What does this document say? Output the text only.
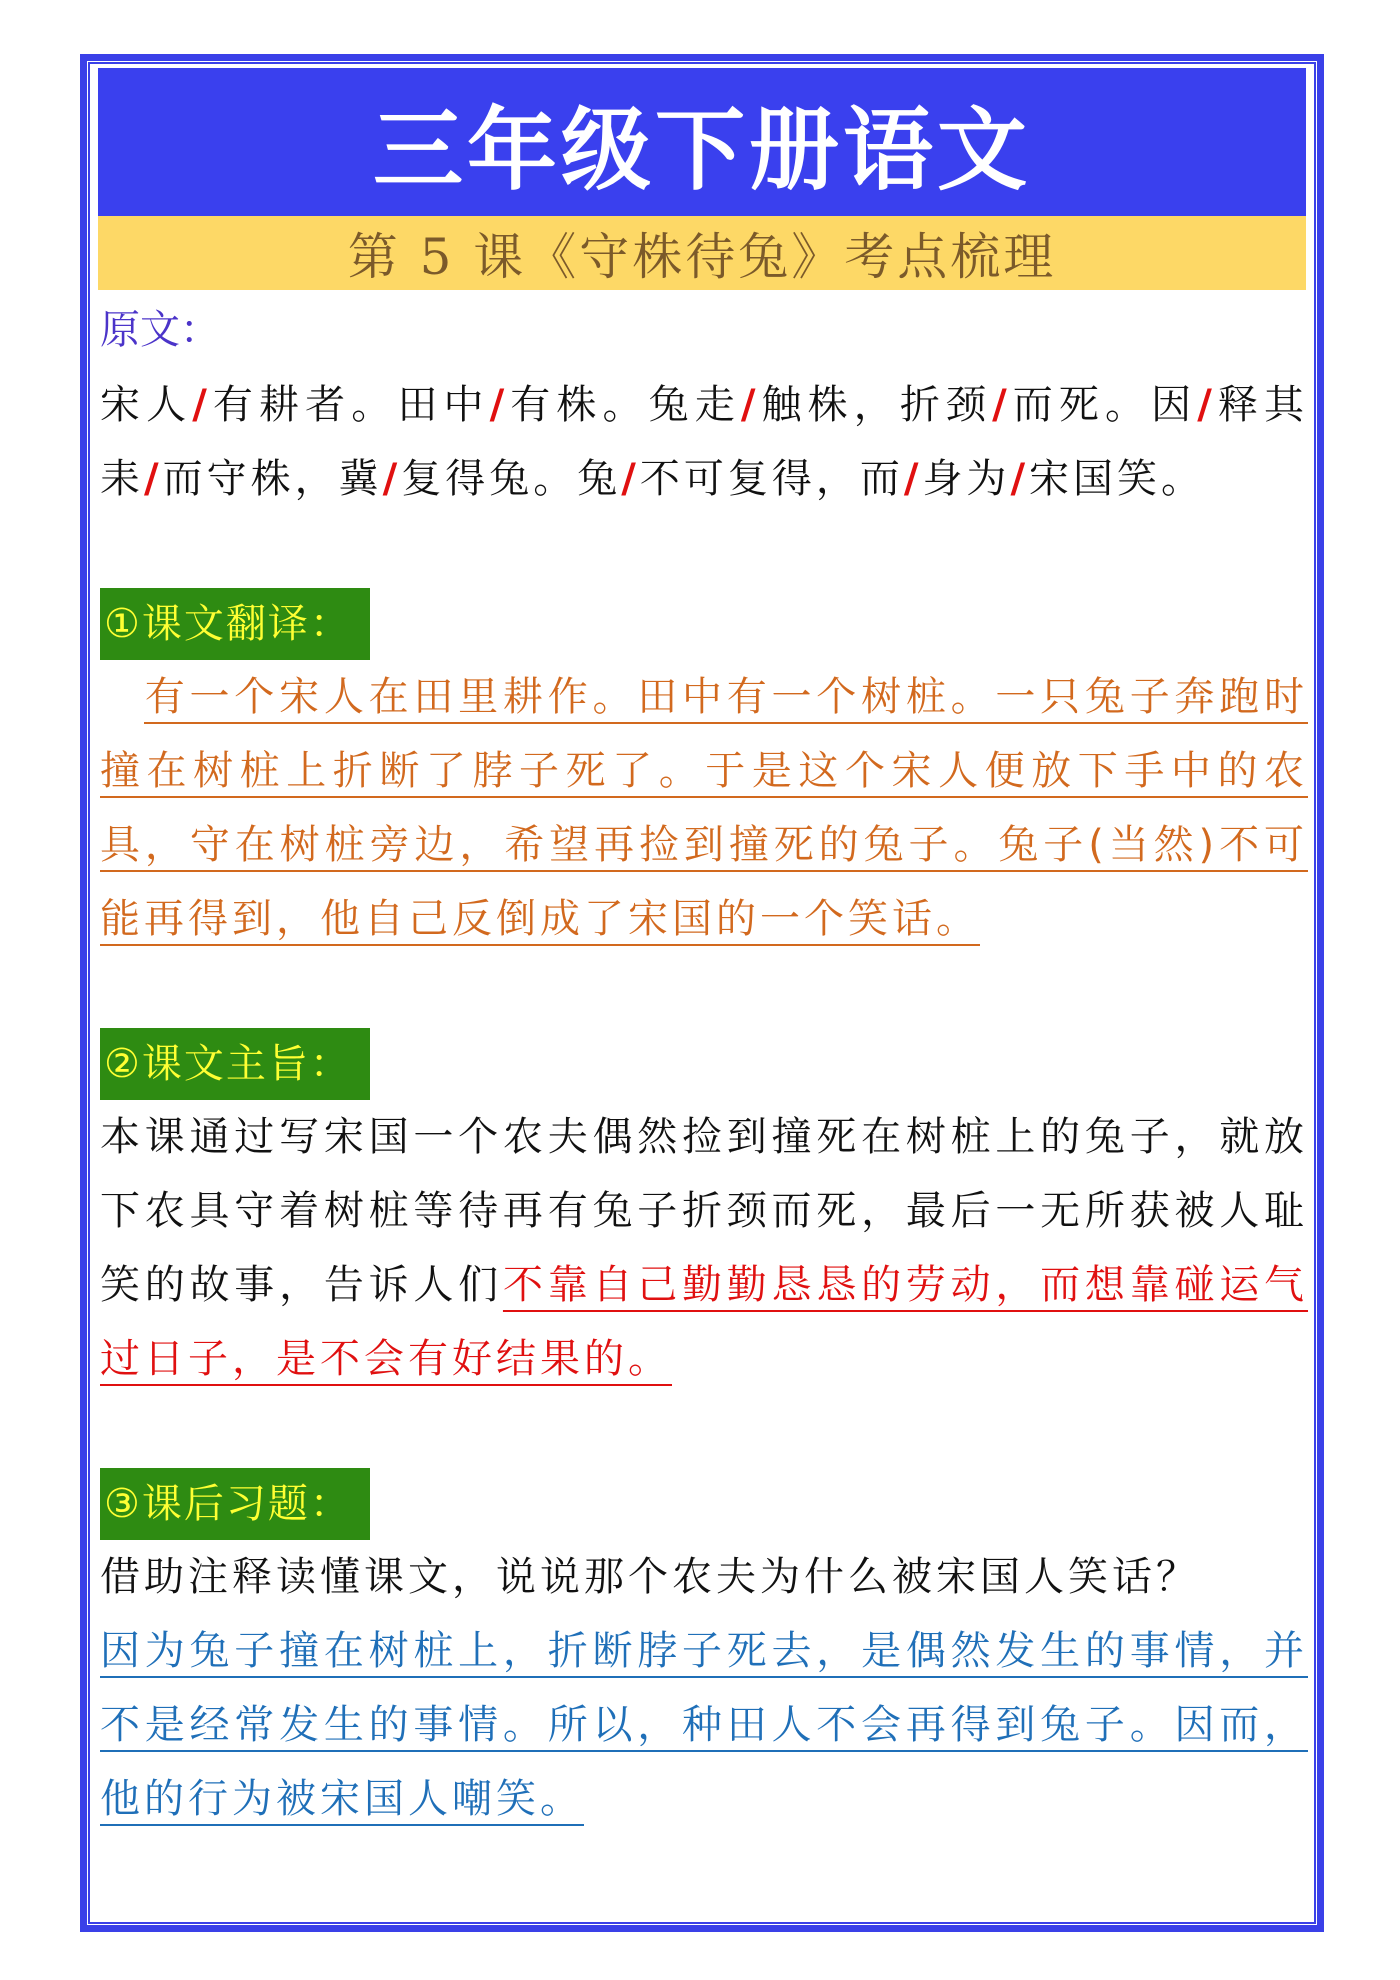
三年级下册语文
第 5 课《守株待兔》考点梳理
原文：
宋人/有耕者。田中/有株。兔走/触株，折颈/而死。因/释其耒/而守株，冀/复得兔。兔/不可复得，而/身为/宋国笑。
①课文翻译：
有一个宋人在田里耕作。田中有一个树桩。一只兔子奔跑时撞在树桩上折断了脖子死了。于是这个宋人便放下手中的农具，守在树桩旁边，希望再捡到撞死的兔子。兔子(当然)不可能再得到，他自己反倒成了宋国的一个笑话。
②课文主旨：
本课通过写宋国一个农夫偶然捡到撞死在树桩上的兔子，就放下农具守着树桩等待再有兔子折颈而死，最后一无所获被人耻笑的故事，告诉人们不靠自己勤勤恳恳的劳动，而想靠碰运气过日子，是不会有好结果的。
③课后习题：
借助注释读懂课文，说说那个农夫为什么被宋国人笑话？
因为兔子撞在树桩上，折断脖子死去，是偶然发生的事情，并不是经常发生的事情。所以，种田人不会再得到兔子。因而，他的行为被宋国人嘲笑。
